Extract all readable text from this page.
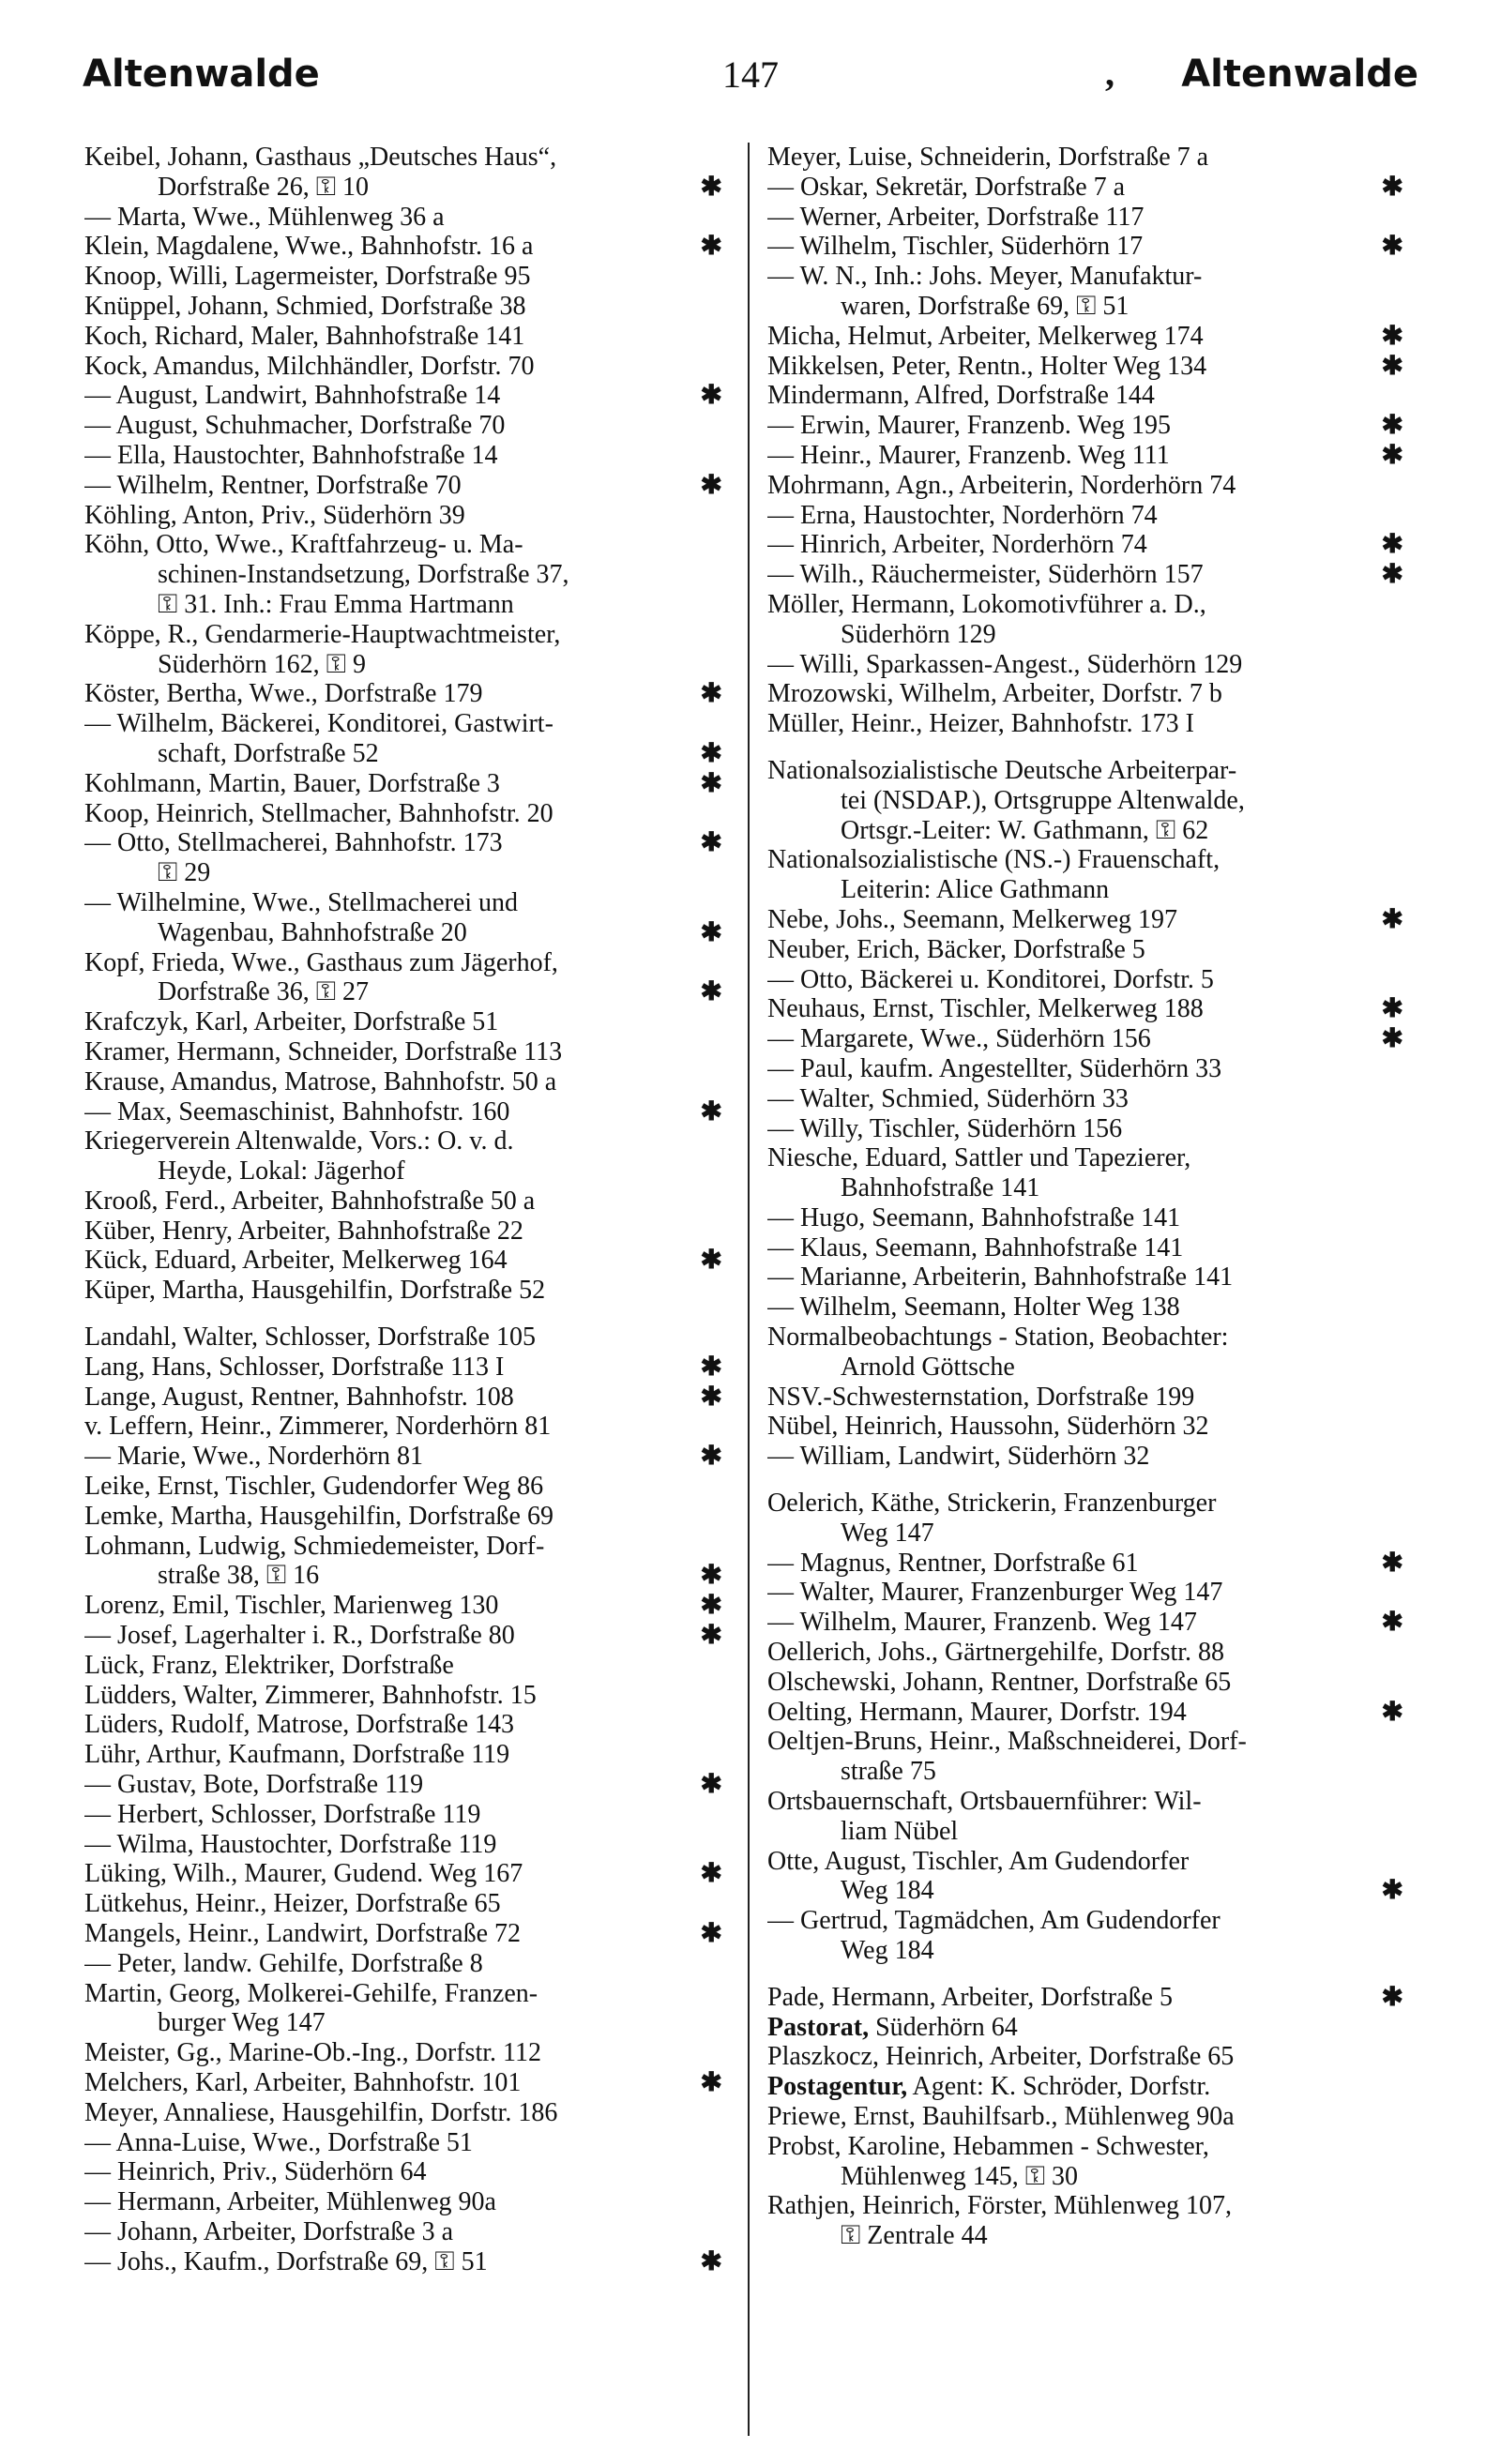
Altenwalde	147	, Altenwalde
Keibel, Johann, Gasthaus „Deutsches Haus“,
Dorfstraße 26, ⚿ 10	✱
— Marta, Wwe., Mühlenweg 36 a
Klein, Magdalene, Wwe., Bahnhofstr. 16 a	✱
Knoop, Willi, Lagermeister, Dorfstraße 95
Knüppel, Johann, Schmied, Dorfstraße 38
Koch, Richard, Maler, Bahnhofstraße 141
Kock, Amandus, Milchhändler, Dorfstr. 70
— August, Landwirt, Bahnhofstraße 14	✱
— August, Schuhmacher, Dorfstraße 70
— Ella, Haustochter, Bahnhofstraße 14
— Wilhelm, Rentner, Dorfstraße 70	✱
Köhling, Anton, Priv., Süderhörn 39
Köhn, Otto, Wwe., Kraftfahrzeug- u. Ma-
schinen-Instandsetzung, Dorfstraße 37,
⚿ 31. Inh.: Frau Emma Hartmann
Köppe, R., Gendarmerie-Hauptwachtmeister,
Süderhörn 162, ⚿ 9
Köster, Bertha, Wwe., Dorfstraße 179	✱
— Wilhelm, Bäckerei, Konditorei, Gastwirt-
schaft, Dorfstraße 52	✱
Kohlmann, Martin, Bauer, Dorfstraße 3	✱
Koop, Heinrich, Stellmacher, Bahnhofstr. 20
— Otto, Stellmacherei, Bahnhofstr. 173	✱
⚿ 29
— Wilhelmine, Wwe., Stellmacherei und
Wagenbau, Bahnhofstraße 20	✱
Kopf, Frieda, Wwe., Gasthaus zum Jägerhof,
Dorfstraße 36, ⚿ 27	✱
Krafczyk, Karl, Arbeiter, Dorfstraße 51
Kramer, Hermann, Schneider, Dorfstraße 113
Krause, Amandus, Matrose, Bahnhofstr. 50 a
— Max, Seemaschinist, Bahnhofstr. 160	✱
Kriegerverein Altenwalde, Vors.: O. v. d.
Heyde, Lokal: Jägerhof
Krooß, Ferd., Arbeiter, Bahnhofstraße 50 a
Küber, Henry, Arbeiter, Bahnhofstraße 22
Kück, Eduard, Arbeiter, Melkerweg 164	✱
Küper, Martha, Hausgehilfin, Dorfstraße 52
Landahl, Walter, Schlosser, Dorfstraße 105
Lang, Hans, Schlosser, Dorfstraße 113 I	✱
Lange, August, Rentner, Bahnhofstr. 108	✱
v. Leffern, Heinr., Zimmerer, Norderhörn 81
— Marie, Wwe., Norderhörn 81	✱
Leike, Ernst, Tischler, Gudendorfer Weg 86
Lemke, Martha, Hausgehilfin, Dorfstraße 69
Lohmann, Ludwig, Schmiedemeister, Dorf-
straße 38, ⚿ 16	✱
Lorenz, Emil, Tischler, Marienweg 130	✱
— Josef, Lagerhalter i. R., Dorfstraße 80	✱
Lück, Franz, Elektriker, Dorfstraße
Lüdders, Walter, Zimmerer, Bahnhofstr. 15
Lüders, Rudolf, Matrose, Dorfstraße 143
Lühr, Arthur, Kaufmann, Dorfstraße 119
— Gustav, Bote, Dorfstraße 119	✱
— Herbert, Schlosser, Dorfstraße 119
— Wilma, Haustochter, Dorfstraße 119
Lüking, Wilh., Maurer, Gudend. Weg 167	✱
Lütkehus, Heinr., Heizer, Dorfstraße 65
Mangels, Heinr., Landwirt, Dorfstraße 72	✱
— Peter, landw. Gehilfe, Dorfstraße 8
Martin, Georg, Molkerei-Gehilfe, Franzen-
burger Weg 147
Meister, Gg., Marine-Ob.-Ing., Dorfstr. 112
Melchers, Karl, Arbeiter, Bahnhofstr. 101	✱
Meyer, Annaliese, Hausgehilfin, Dorfstr. 186
— Anna-Luise, Wwe., Dorfstraße 51
— Heinrich, Priv., Süderhörn 64
— Hermann, Arbeiter, Mühlenweg 90a
— Johann, Arbeiter, Dorfstraße 3 a
— Johs., Kaufm., Dorfstraße 69, ⚿ 51	✱
Meyer, Luise, Schneiderin, Dorfstraße 7 a
— Oskar, Sekretär, Dorfstraße 7 a	✱
— Werner, Arbeiter, Dorfstraße 117
— Wilhelm, Tischler, Süderhörn 17	✱
— W. N., Inh.: Johs. Meyer, Manufaktur-
waren, Dorfstraße 69, ⚿ 51
Micha, Helmut, Arbeiter, Melkerweg 174	✱
Mikkelsen, Peter, Rentn., Holter Weg 134	✱
Mindermann, Alfred, Dorfstraße 144
— Erwin, Maurer, Franzenb. Weg 195	✱
— Heinr., Maurer, Franzenb. Weg 111	✱
Mohrmann, Agn., Arbeiterin, Norderhörn 74
— Erna, Haustochter, Norderhörn 74
— Hinrich, Arbeiter, Norderhörn 74	✱
— Wilh., Räuchermeister, Süderhörn 157	✱
Möller, Hermann, Lokomotivführer a. D.,
Süderhörn 129
— Willi, Sparkassen-Angest., Süderhörn 129
Mrozowski, Wilhelm, Arbeiter, Dorfstr. 7 b
Müller, Heinr., Heizer, Bahnhofstr. 173 I
Nationalsozialistische Deutsche Arbeiterpar-
tei (NSDAP.), Ortsgruppe Altenwalde,
Ortsgr.-Leiter: W. Gathmann, ⚿ 62
Nationalsozialistische (NS.-) Frauenschaft,
Leiterin: Alice Gathmann
Nebe, Johs., Seemann, Melkerweg 197	✱
Neuber, Erich, Bäcker, Dorfstraße 5
— Otto, Bäckerei u. Konditorei, Dorfstr. 5
Neuhaus, Ernst, Tischler, Melkerweg 188	✱
— Margarete, Wwe., Süderhörn 156	✱
— Paul, kaufm. Angestellter, Süderhörn 33
— Walter, Schmied, Süderhörn 33
— Willy, Tischler, Süderhörn 156
Niesche, Eduard, Sattler und Tapezierer,
Bahnhofstraße 141
— Hugo, Seemann, Bahnhofstraße 141
— Klaus, Seemann, Bahnhofstraße 141
— Marianne, Arbeiterin, Bahnhofstraße 141
— Wilhelm, Seemann, Holter Weg 138
Normalbeobachtungs - Station, Beobachter:
Arnold Göttsche
NSV.-Schwesternstation, Dorfstraße 199
Nübel, Heinrich, Haussohn, Süderhörn 32
— William, Landwirt, Süderhörn 32
Oelerich, Käthe, Strickerin, Franzenburger
Weg 147
— Magnus, Rentner, Dorfstraße 61	✱
— Walter, Maurer, Franzenburger Weg 147
— Wilhelm, Maurer, Franzenb. Weg 147	✱
Oellerich, Johs., Gärtnergehilfe, Dorfstr. 88
Olschewski, Johann, Rentner, Dorfstraße 65
Oelting, Hermann, Maurer, Dorfstr. 194	✱
Oeltjen-Bruns, Heinr., Maßschneiderei, Dorf-
straße 75
Ortsbauernschaft, Ortsbauernführer: Wil-
liam Nübel
Otte, August, Tischler, Am Gudendorfer
Weg 184	✱
— Gertrud, Tagmädchen, Am Gudendorfer
Weg 184
Pade, Hermann, Arbeiter, Dorfstraße 5	✱
Pastorat, Süderhörn 64
Plaszkocz, Heinrich, Arbeiter, Dorfstraße 65
Postagentur, Agent: K. Schröder, Dorfstr.
Priewe, Ernst, Bauhilfsarb., Mühlenweg 90a
Probst, Karoline, Hebammen - Schwester,
Mühlenweg 145, ⚿ 30
Rathjen, Heinrich, Förster, Mühlenweg 107,
⚿ Zentrale 44
